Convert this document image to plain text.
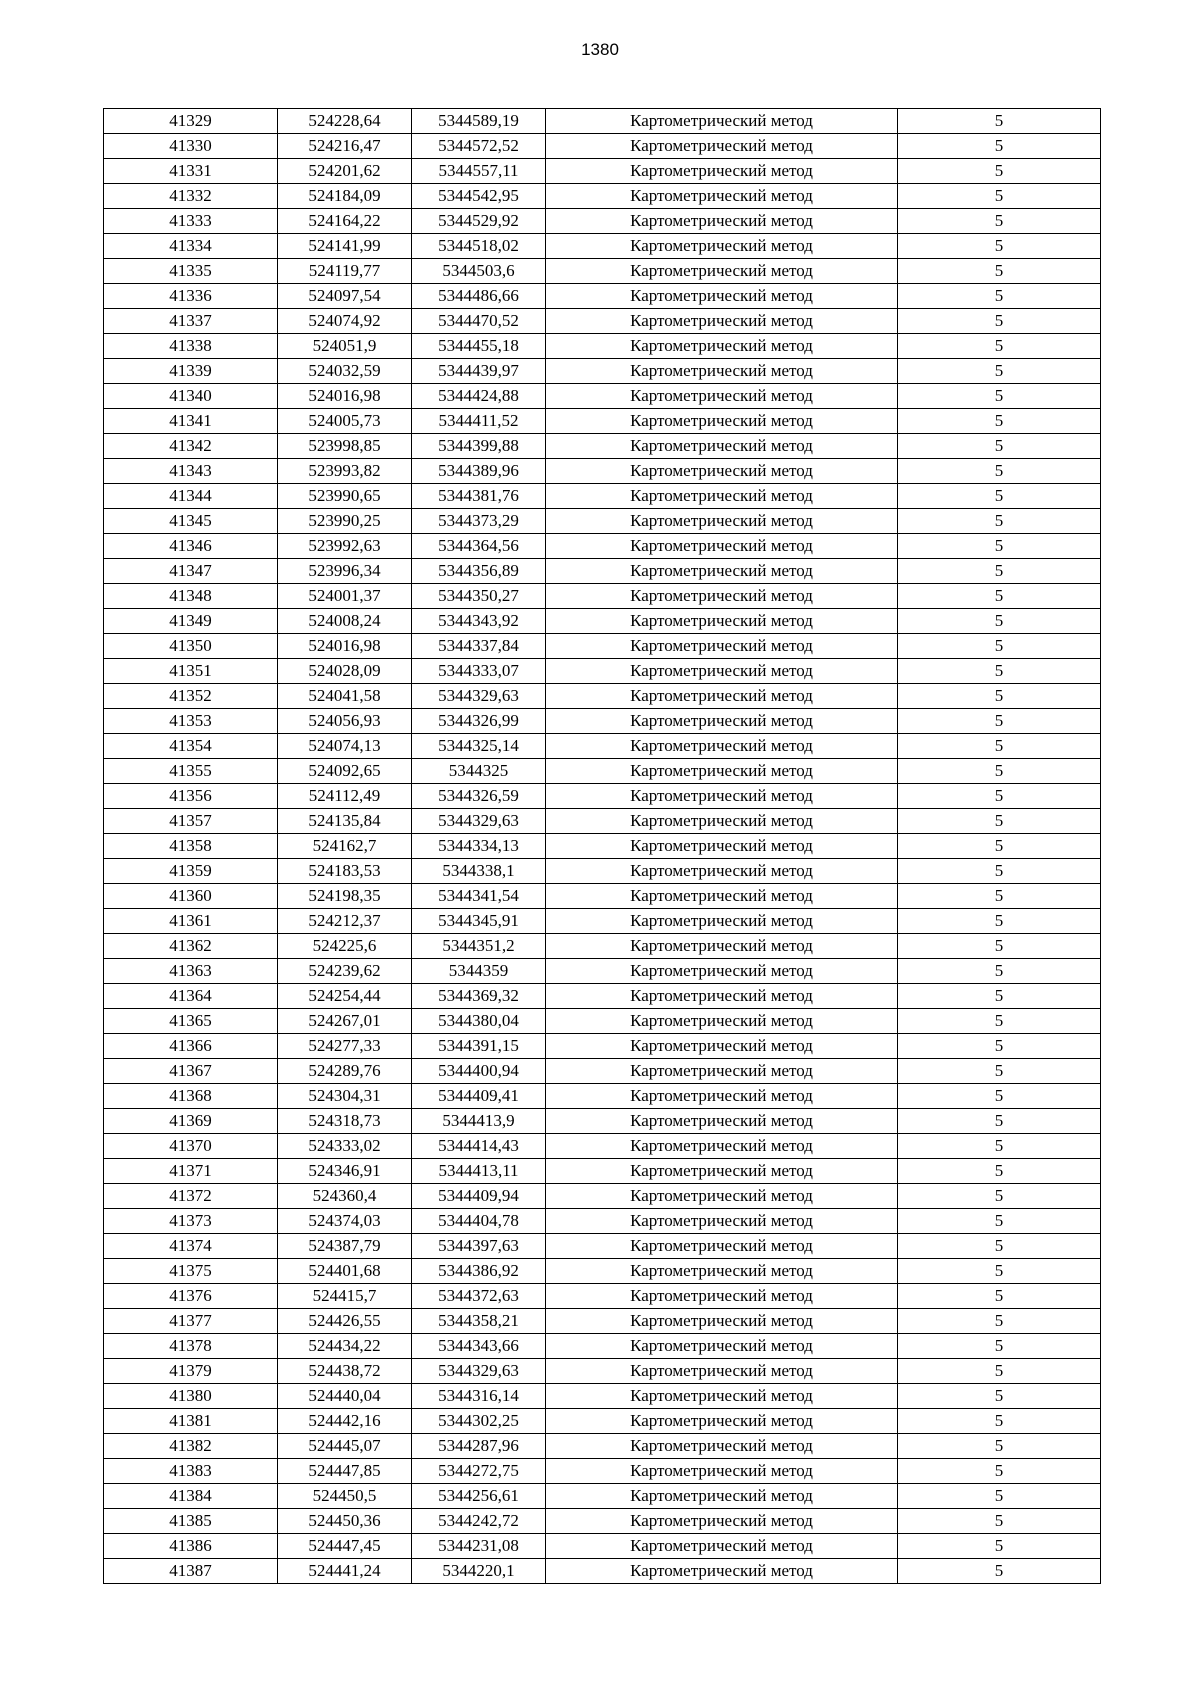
1380
41329	524228,64	5344589,19	Картометрический метод	5
41330	524216,47	5344572,52	Картометрический метод	5
41331	524201,62	5344557,11	Картометрический метод	5
41332	524184,09	5344542,95	Картометрический метод	5
41333	524164,22	5344529,92	Картометрический метод	5
41334	524141,99	5344518,02	Картометрический метод	5
41335	524119,77	5344503,6	Картометрический метод	5
41336	524097,54	5344486,66	Картометрический метод	5
41337	524074,92	5344470,52	Картометрический метод	5
41338	524051,9	5344455,18	Картометрический метод	5
41339	524032,59	5344439,97	Картометрический метод	5
41340	524016,98	5344424,88	Картометрический метод	5
41341	524005,73	5344411,52	Картометрический метод	5
41342	523998,85	5344399,88	Картометрический метод	5
41343	523993,82	5344389,96	Картометрический метод	5
41344	523990,65	5344381,76	Картометрический метод	5
41345	523990,25	5344373,29	Картометрический метод	5
41346	523992,63	5344364,56	Картометрический метод	5
41347	523996,34	5344356,89	Картометрический метод	5
41348	524001,37	5344350,27	Картометрический метод	5
41349	524008,24	5344343,92	Картометрический метод	5
41350	524016,98	5344337,84	Картометрический метод	5
41351	524028,09	5344333,07	Картометрический метод	5
41352	524041,58	5344329,63	Картометрический метод	5
41353	524056,93	5344326,99	Картометрический метод	5
41354	524074,13	5344325,14	Картометрический метод	5
41355	524092,65	5344325	Картометрический метод	5
41356	524112,49	5344326,59	Картометрический метод	5
41357	524135,84	5344329,63	Картометрический метод	5
41358	524162,7	5344334,13	Картометрический метод	5
41359	524183,53	5344338,1	Картометрический метод	5
41360	524198,35	5344341,54	Картометрический метод	5
41361	524212,37	5344345,91	Картометрический метод	5
41362	524225,6	5344351,2	Картометрический метод	5
41363	524239,62	5344359	Картометрический метод	5
41364	524254,44	5344369,32	Картометрический метод	5
41365	524267,01	5344380,04	Картометрический метод	5
41366	524277,33	5344391,15	Картометрический метод	5
41367	524289,76	5344400,94	Картометрический метод	5
41368	524304,31	5344409,41	Картометрический метод	5
41369	524318,73	5344413,9	Картометрический метод	5
41370	524333,02	5344414,43	Картометрический метод	5
41371	524346,91	5344413,11	Картометрический метод	5
41372	524360,4	5344409,94	Картометрический метод	5
41373	524374,03	5344404,78	Картометрический метод	5
41374	524387,79	5344397,63	Картометрический метод	5
41375	524401,68	5344386,92	Картометрический метод	5
41376	524415,7	5344372,63	Картометрический метод	5
41377	524426,55	5344358,21	Картометрический метод	5
41378	524434,22	5344343,66	Картометрический метод	5
41379	524438,72	5344329,63	Картометрический метод	5
41380	524440,04	5344316,14	Картометрический метод	5
41381	524442,16	5344302,25	Картометрический метод	5
41382	524445,07	5344287,96	Картометрический метод	5
41383	524447,85	5344272,75	Картометрический метод	5
41384	524450,5	5344256,61	Картометрический метод	5
41385	524450,36	5344242,72	Картометрический метод	5
41386	524447,45	5344231,08	Картометрический метод	5
41387	524441,24	5344220,1	Картометрический метод	5
